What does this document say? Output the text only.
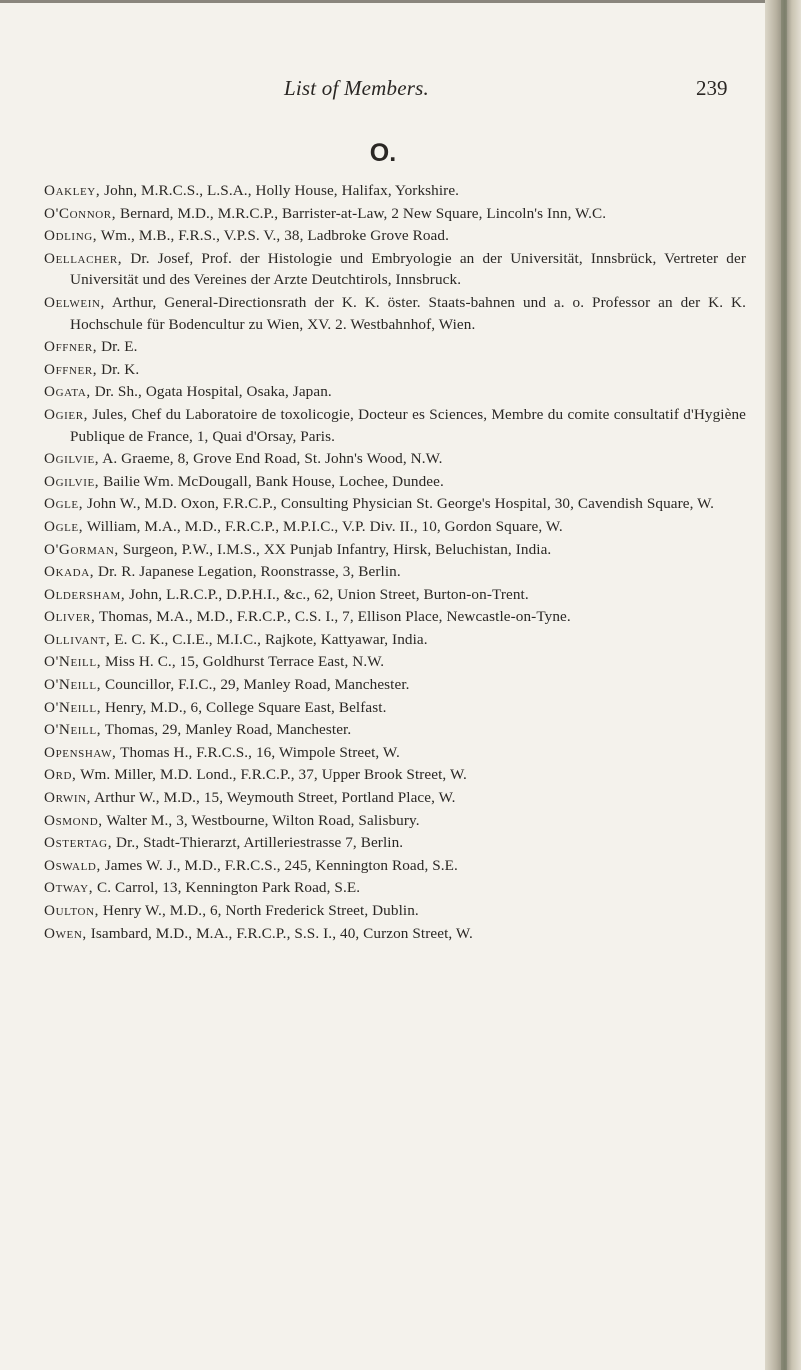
List of Members.	239
O.

Oakley, John, M.R.C.S., L.S.A., Holly House, Halifax, Yorkshire.

O'Connor, Bernard, M.D., M.R.C.P., Barrister-at-Law, 2 New Square, Lincoln's Inn, W.C.

Odling, Wm., M.B., F.R.S., V.P.S. V., 38, Ladbroke Grove Road.

Oellacher, Dr. Josef, Prof. der Histologie und Embryologie an der Universität, Innsbrück, Vertreter der Universität und des Vereines der Arzte Deutchtirols, Innsbruck.

Oelwein, Arthur, General-Directionsrath der K. K. öster. Staats-bahnen und a. o. Professor an der K. K. Hochschule für Bodencultur zu Wien, XV. 2. Westbahnhof, Wien.

Offner, Dr. E.

Offner, Dr. K.

Ogata, Dr. Sh., Ogata Hospital, Osaka, Japan.

Ogier, Jules, Chef du Laboratoire de toxolicogie, Docteur es Sciences, Membre du comite consultatif d'Hygiène Publique de France, 1, Quai d'Orsay, Paris.

Ogilvie, A. Graeme, 8, Grove End Road, St. John's Wood, N.W.

Ogilvie, Bailie Wm. McDougall, Bank House, Lochee, Dundee.

Ogle, John W., M.D. Oxon, F.R.C.P., Consulting Physician St. George's Hospital, 30, Cavendish Square, W.

Ogle, William, M.A., M.D., F.R.C.P., M.P.I.C., V.P. Div. II., 10, Gordon Square, W.

O'Gorman, Surgeon, P.W., I.M.S., XX Punjab Infantry, Hirsk, Beluchistan, India.

Okada, Dr. R. Japanese Legation, Roonstrasse, 3, Berlin.

Oldersham, John, L.R.C.P., D.P.H.I., &c., 62, Union Street, Burton-on-Trent.

Oliver, Thomas, M.A., M.D., F.R.C.P., C.S. I., 7, Ellison Place, Newcastle-on-Tyne.

Ollivant, E. C. K., C.I.E., M.I.C., Rajkote, Kattyawar, India.

O'Neill, Miss H. C., 15, Goldhurst Terrace East, N.W.

O'Neill, Councillor, F.I.C., 29, Manley Road, Manchester.

O'Neill, Henry, M.D., 6, College Square East, Belfast.

O'Neill, Thomas, 29, Manley Road, Manchester.

Openshaw, Thomas H., F.R.C.S., 16, Wimpole Street, W.

Ord, Wm. Miller, M.D. Lond., F.R.C.P., 37, Upper Brook Street, W.

Orwin, Arthur W., M.D., 15, Weymouth Street, Portland Place, W.

Osmond, Walter M., 3, Westbourne, Wilton Road, Salisbury.

Ostertag, Dr., Stadt-Thierarzt, Artilleriestrasse 7, Berlin.

Oswald, James W. J., M.D., F.R.C.S., 245, Kennington Road, S.E.

Otway, C. Carrol, 13, Kennington Park Road, S.E.

Oulton, Henry W., M.D., 6, North Frederick Street, Dublin.

Owen, Isambard, M.D., M.A., F.R.C.P., S.S. I., 40, Curzon Street, W.
